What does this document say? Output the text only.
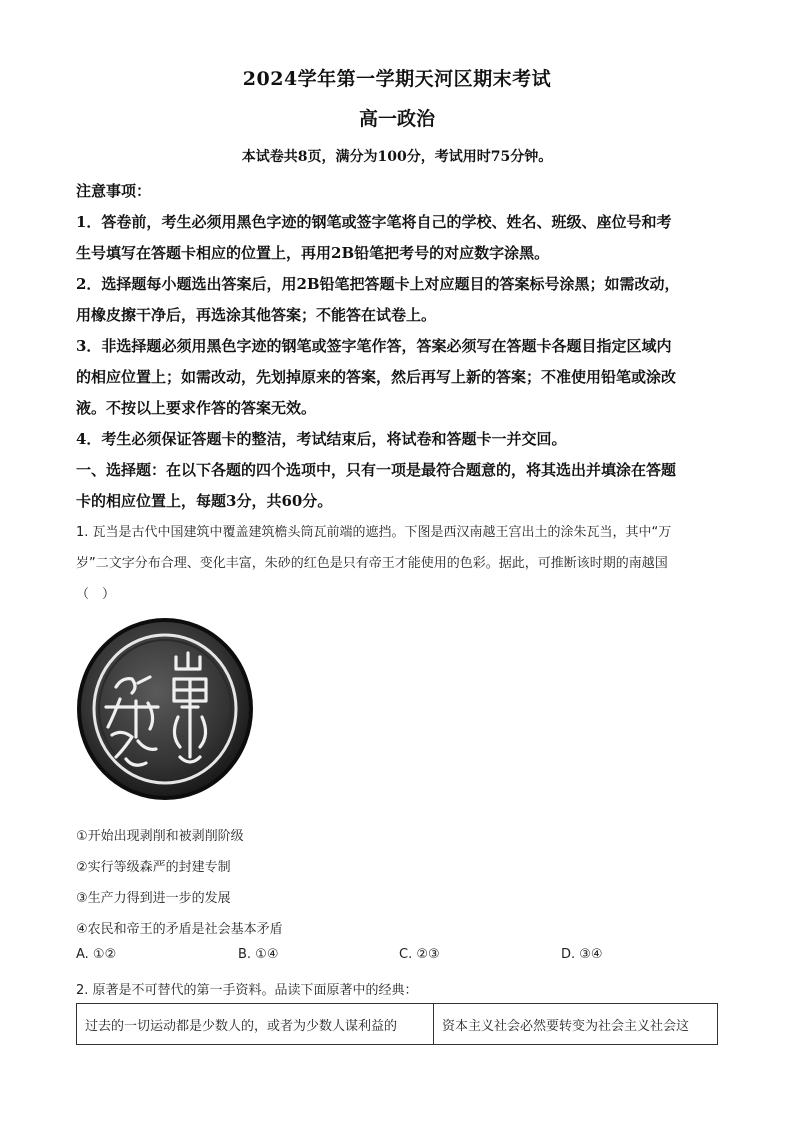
2024学年第一学期天河区期末考试
高一政治
本试卷共8页，满分为100分，考试用时75分钟。
注意事项：
1．答卷前，考生必须用黑色字迹的钢笔或签字笔将自己的学校、姓名、班级、座位号和考
生号填写在答题卡相应的位置上，再用2B铅笔把考号的对应数字涂黑。
2．选择题每小题选出答案后，用2B铅笔把答题卡上对应题目的答案标号涂黑；如需改动，
用橡皮擦干净后，再选涂其他答案；不能答在试卷上。
3．非选择题必须用黑色字迹的钢笔或签字笔作答，答案必须写在答题卡各题目指定区域内
的相应位置上；如需改动，先划掉原来的答案，然后再写上新的答案；不准使用铅笔或涂改
液。不按以上要求作答的答案无效。
4．考生必须保证答题卡的整洁，考试结束后，将试卷和答题卡一并交回。
一、选择题：在以下各题的四个选项中，只有一项是最符合题意的，将其选出并填涂在答题
卡的相应位置上，每题3分，共60分。
1. 瓦当是古代中国建筑中覆盖建筑檐头筒瓦前端的遮挡。下图是西汉南越王宫出土的涂朱瓦当，其中“万
岁”二文字分布合理、变化丰富，朱砂的红色是只有帝王才能使用的色彩。据此，可推断该时期的南越国
（　）
①开始出现剥削和被剥削阶级
②实行等级森严的封建专制
③生产力得到进一步的发展
④农民和帝王的矛盾是社会基本矛盾
A. ①②	B. ①④	C. ②③	D. ③④
2. 原著是不可替代的第一手资料。品读下面原著中的经典：
过去的一切运动都是少数人的，或者为少数人谋利益的	资本主义社会必然要转变为社会主义社会这
